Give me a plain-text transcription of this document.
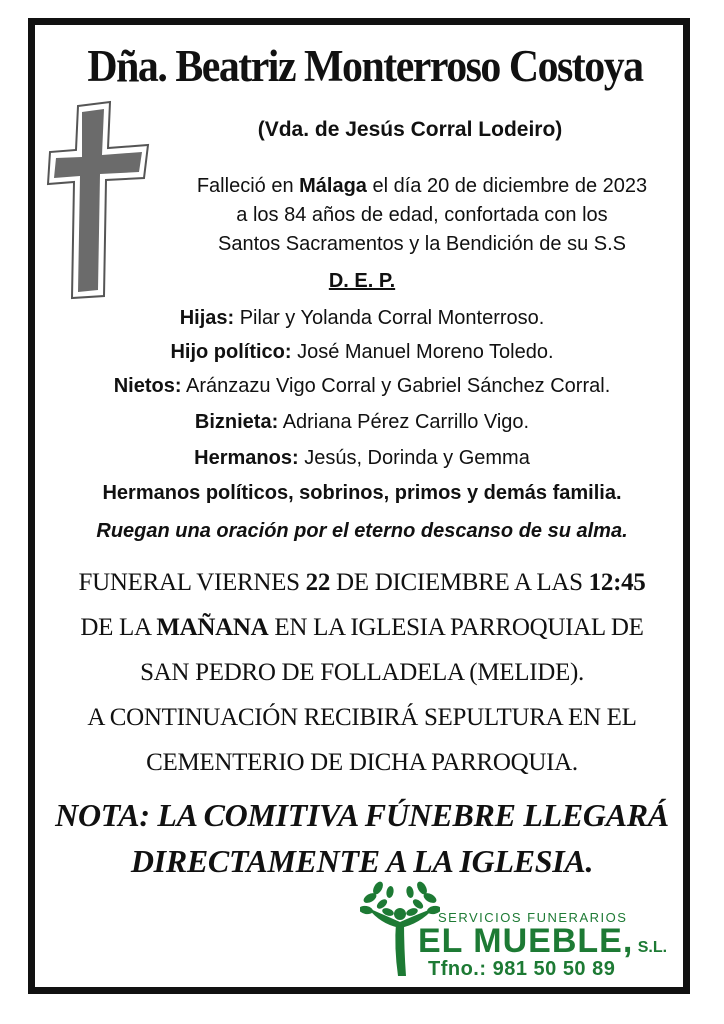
Dña. Beatriz Monterroso Costoya
(Vda. de Jesús Corral Lodeiro)
Falleció en Málaga el día 20 de diciembre de 2023
a los 84 años de edad, confortada con los
Santos Sacramentos y la Bendición de su S.S
D. E. P.
Hijas: Pilar y Yolanda Corral Monterroso.
Hijo político: José Manuel Moreno Toledo.
Nietos: Aránzazu Vigo Corral y Gabriel Sánchez Corral.
Biznieta: Adriana Pérez Carrillo Vigo.
Hermanos: Jesús, Dorinda y Gemma
Hermanos políticos, sobrinos, primos y demás familia.
Ruegan una oración por el eterno descanso de su alma.
FUNERAL VIERNES 22 DE DICIEMBRE A LAS 12:45
DE LA MAÑANA EN LA IGLESIA PARROQUIAL DE
SAN PEDRO DE FOLLADELA (MELIDE).
A CONTINUACIÓN RECIBIRÁ SEPULTURA EN EL
CEMENTERIO DE DICHA PARROQUIA.
NOTA: LA COMITIVA FÚNEBRE LLEGARÁ
DIRECTAMENTE A LA IGLESIA.
SERVICIOS FUNERARIOS
EL MUEBLE, S.L.
Tfno.: 981 50 50 89
